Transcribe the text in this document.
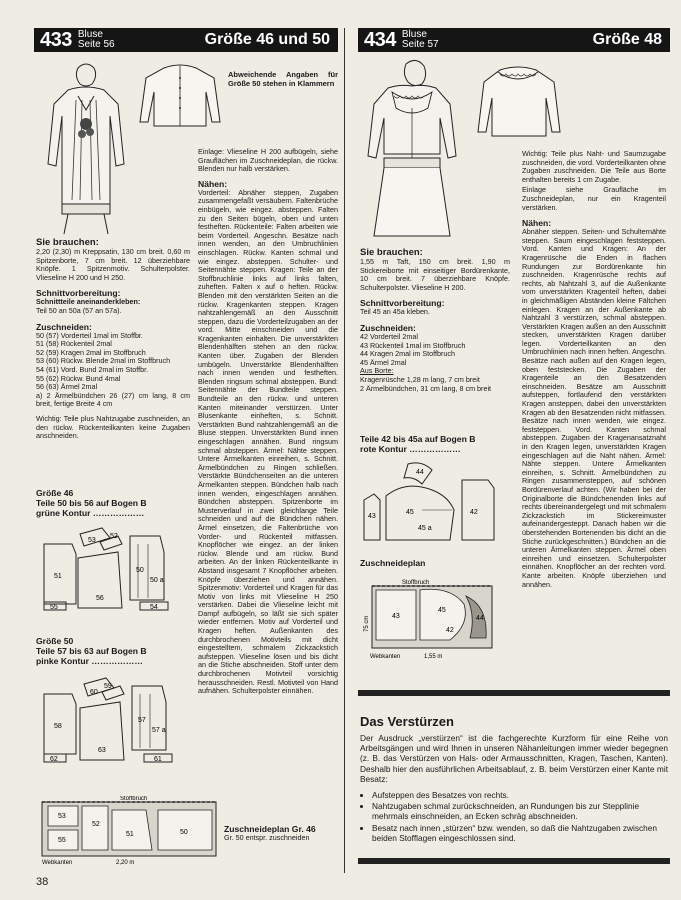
433 Bluse
Seite 56	Größe 46 und 50	434 Bluse
Seite 57	Größe 48
Abweichende Angaben für Größe 50 stehen in Klammern

Einlage: Vlieseline H 200 aufbügeln, siehe Grauflächen im Zuschneideplan, die rückw. Blenden nur halb verstärken.

Nähen:

Vorderteil: Abnäher steppen, Zugaben zusammengefaßt versäubern. Faltenbrüche einbügeln, wie eingez. absteppen. Falten zu den Seiten bügeln, oben und unten festheften. Rückenteile: Falten arbeiten wie beim Vorderteil. Angeschn. Besätze nach innen wenden, an den Umbruchlinien einschlagen. Rückw. Kanten schmal und wie eingez. absteppen. Schulter- und Seitennähte steppen. Kragen: Teile an der Stoffbruchlinie links auf links falten, zuheften. Falten x auf o heften. Rückw. Blenden mit den verstärkten Seiten an die rückw. Kragenkanten steppen. Kragen nahtzahlengemäß an den Ausschnitt steppen, dazu die Vorderteilzugaben an der vord. Mitte einschneiden und die Kragenkanten einhalten. Die unverstärkten Blendenhälften stehen an den rückw. Kanten über. Zugaben der Blenden umbügeln. Unverstärkte Blendenhälften nach innen wenden und festheften. Blenden ringsum schmal absteppen. Bund: Seitennähte der Bundteile steppen. Bundteile an den rückw. und unteren Kanten miteinander verstürzen. Unter Blusenkante einheften, s. Schnitt. Verstärkten Bund nahtzahlengemäß an die Bluse steppen. Unverstärkten Bund innen eingeschlagen annähen. Bund ringsum schmal absteppen. Ärmel: Nähte steppen. Untere Ärmelkanten einreihen, s. Schnitt. Ärmelbündchen zu Ringen schließen. Verstärkte Bündchenseiten an die unteren Ärmelkanten steppen. Bündchen halb nach innen wenden, eingeschlagen annähen. Bündchen absteppen. Spitzenborte im Musterverlauf in zwei gleichlange Teile schneiden und auf die Bündchen nähen. Ärmel einsetzen, die Faltenbrüche von Vorder- und Rückenteil mitfassen. Knopflöcher wie eingez. an der linken rückw. Blende und am rückw. Bund arbeiten. An der linken Rückenteilkante in Abstand insgesamt 7 Knopflöcher arbeiten. Knöpfe überziehen und annähen. Spitzenmotiv: Vorderteil und Kragen für das Motiv von links mit Vlieseline H 250 verstärken. Dabei die Vlieseline leicht mit Dampf aufbügeln, so läßt sie sich später wieder entfernen. Motiv auf Vorderteil und Kragen heften. Außenkanten des durchbrochenen Motivteils mit dicht eingestelltem, schmalem Zickzackstich aufsteppen. Vlieseline lösen und bis dicht an die Stiche abschneiden. Stoff unter dem durchbrochenen Motivteil vorsichtig herausschneiden. Restl. Motivteil von Hand aufnähen. Schulterpolster einnähen.

Sie brauchen:

2,20 (2,30) m Kreppsatin, 130 cm breit. 0,60 m Spitzenborte, 7 cm breit. 12 überziehbare Knöpfe. 1 Spitzenmotiv. Schulterpolster. Vlieseline H 200 und H 250.

Schnittvorbereitung:

Schnittteile aneinanderkleben:

Teil 50 an 50a (57 an 57a).

Zuschneiden:

50 (57) Vorderteil 1mal im Stoffbr.

51 (58) Rückenteil 2mal

52 (59) Kragen 2mal im Stoffbruch

53 (60) Rückw. Blende 2mal im Stoffbruch

54 (61) Vord. Bund 2mal im Stoffbr.

55 (62) Rückw. Bund 4mal

56 (63) Ärmel 2mal

a) 2 Ärmelbündchen 26 (27) cm lang, 8 cm breit, fertige Breite 4 cm

Wichtig: Teile plus Nahtzugabe zuschneiden, an den rückw. Rückenteilkanten keine Zugaben anschneiden.

Größe 46

Teile 50 bis 56 auf Bogen B

grüne Kontur ………………

52
53
51
50
50 a
55
56
54

Größe 50

Teile 57 bis 63 auf Bogen B

pinke Kontur ………………

59
60
58
57
57 a
62
63
61
53
55
52
51	50
Stoffbruch
Webkanten	2,20 m

Zuschneideplan Gr. 46

Gr. 50 entspr. zuschneiden

38

Wichtig: Teile plus Naht- und Saumzugabe zuschneiden, die vord. Vorderteilkanten ohne Zugaben zuschneiden. Die Teile aus Borte enthalten bereits 1 cm Zugabe.

Einlage siehe Graufläche im Zuschneideplan, nur ein Kragenteil verstärken.

Nähen:

Abnäher steppen. Seiten- und Schulternähte steppen. Saum eingeschlagen feststeppen. Vord. Kanten und Kragen: An der Kragenrüsche die Enden in flachen Rundungen zur Bordürenkante hin zuschneiden. Kragenrüsche rechts auf rechts, ab Nahtzahl 3, auf die Außenkante vom unverstärkten Kragenteil heften, dabei in gleichmäßigen Abständen kleine Fältchen einlegen. Kragen an der Außenkante ab Nahtzahl 3 verstürzen, schmal absteppen. Verstärkten Kragen außen an den Ausschnitt stecken, unverstärkten Kragen darüber legen. Vorderteilkanten an den Umbruchlinien nach innen heften. Angeschn. Besätze nach außen auf den Kragen legen, oben feststecken. Die Zugaben der Kragenteile an den Besatzenden einschneiden. Besätze am Ausschnitt aufsteppen, fortlaufend den verstärkten Kragen ansteppen, dabei den unverstärkten Kragen ab den Besatzenden nicht mitfassen. Besätze nach innen wenden, wie eingez. feststeppen. Vord. Kanten schmal absteppen. Zugaben der Kragenansatznaht in den Kragen legen, unverstärkten Kragen eingeschlagen auf die Naht nähen. Ärmel: Nähte steppen. Untere Ärmelkanten einreihen, s. Schnitt. Ärmelbündchen zu Ringen zusammensteppen, auf schönen Bordürenverlauf achten. (Wir haben bei der Originalborte die Bündchenenden links auf rechts übereinandergelegt und mit schmalem Zickzackstich im Stickereimuster aufeinandergesteppt. Danach haben wir die überstehenden Bortenenden bis dicht an die Stiche zurückgeschnitten.) Bündchen an die unteren Ärmelkanten steppen. Ärmel oben einreihen und einsetzen. Schulterpolster einnähen. Knopflöcher an der rechten vord. Kante arbeiten. Knöpfe überziehen und annähen.

Sie brauchen:

1,55 m Taft, 150 cm breit. 1,90 m Stickereiborte mit einseitiger Bordürenkante, 10 cm breit. 7 überziehbare Knöpfe. Schulterpolster. Vlieseline H 200.

Schnittvorbereitung:

Teil 45 an 45a kleben.

Zuschneiden:

42 Vorderteil 2mal

43 Rückenteil 1mal im Stoffbruch

44 Kragen 2mal im Stoffbruch

45 Ärmel 2mal

Aus Borte:

Kragenrüsche 1,28 m lang, 7 cm breit

2 Ärmelbündchen, 31 cm lang, 8 cm breit

Teile 42 bis 45a auf Bogen B

rote Kontur ………………

44
43
45
45 a
42
Zuschneideplan
Stoffbruch
43
45
42
44
75 cm
Webkanten	1,55 m
Das Verstürzen
Der Ausdruck „verstürzen“ ist die fachgerechte Kurzform für eine Reihe von Arbeitsgängen und wird Ihnen in unseren Nähanleitungen immer wieder begegnen (z. B. das Verstürzen von Hals- oder Armausschnitten, Kragen, Taschen, Kanten). Deshalb hier den ausführlichen Arbeitsablauf, z. B. beim Verstürzen einer Kante mit Besatz:
• Aufsteppen des Besatzes von rechts.
• Nahtzugaben schmal zurückschneiden, an Rundungen bis zur Stepplinie mehrmals einschneiden, an Ecken schräg abschneiden.
• Besatz nach innen „stürzen“ bzw. wenden, so daß die Nahtzugaben zwischen beiden Stofflagen eingeschlossen sind.
